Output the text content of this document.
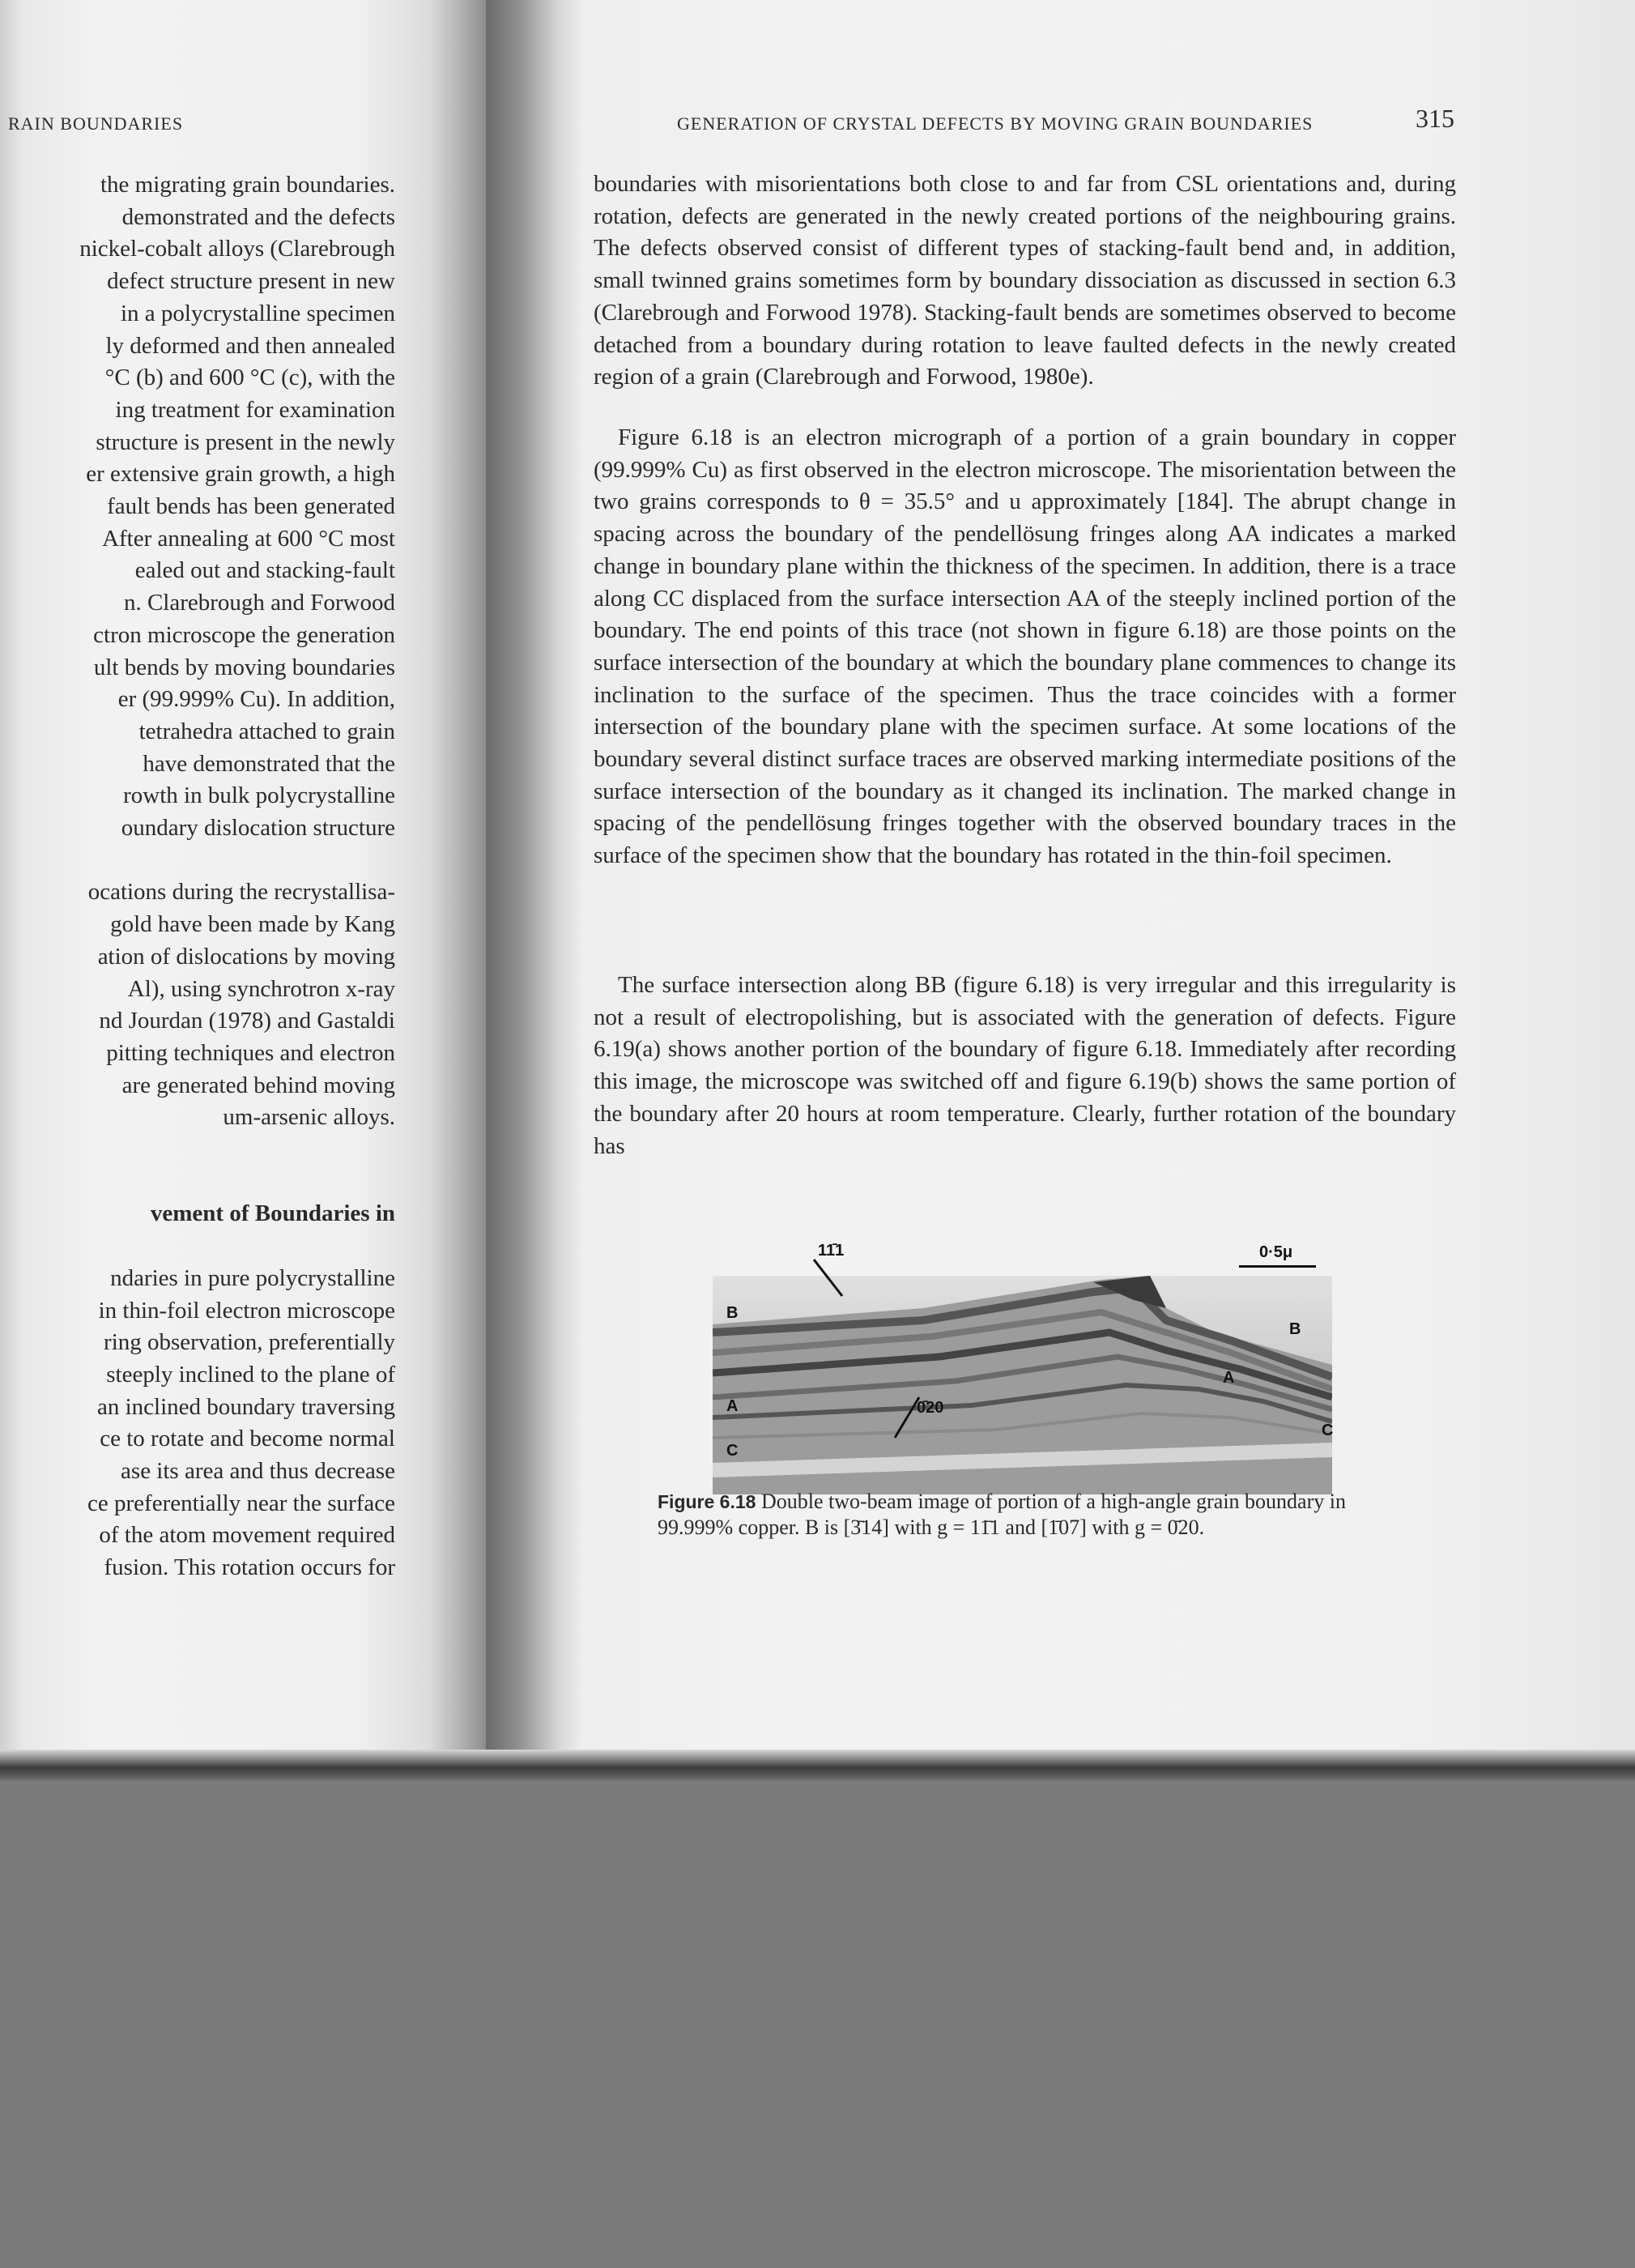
RAIN BOUNDARIES
the migrating grain boundaries.
demonstrated and the defects
nickel-cobalt alloys (Clarebrough
defect structure present in new
in a polycrystalline specimen
ly deformed and then annealed
°C (b) and 600 °C (c), with the
ing treatment for examination
structure is present in the newly
er extensive grain growth, a high
fault bends has been generated
After annealing at 600 °C most
ealed out and stacking-fault
n. Clarebrough and Forwood
ctron microscope the generation
ult bends by moving boundaries
er (99.999% Cu). In addition,
tetrahedra attached to grain
have demonstrated that the
rowth in bulk polycrystalline
oundary dislocation structure
ocations during the recrystallisa-
gold have been made by Kang
ation of dislocations by moving
Al), using synchrotron x-ray
nd Jourdan (1978) and Gastaldi
pitting techniques and electron
are generated behind moving
um-arsenic alloys.
vement of Boundaries in
ndaries in pure polycrystalline
in thin-foil electron microscope
ring observation, preferentially
steeply inclined to the plane of
an inclined boundary traversing
ce to rotate and become normal
ase its area and thus decrease
ce preferentially near the surface
of the atom movement required
fusion. This rotation occurs for
GENERATION OF CRYSTAL DEFECTS BY MOVING GRAIN BOUNDARIES	315
boundaries with misorientations both close to and far from CSL orientations and, during rotation, defects are generated in the newly created portions of the neighbouring grains. The defects observed consist of different types of stacking-fault bend and, in addition, small twinned grains sometimes form by boundary dissociation as discussed in section 6.3 (Clarebrough and Forwood 1978). Stacking-fault bends are sometimes observed to become detached from a boundary during rotation to leave faulted defects in the newly created region of a grain (Clarebrough and Forwood, 1980e).
Figure 6.18 is an electron micrograph of a portion of a grain boundary in copper (99.999% Cu) as first observed in the electron microscope. The misorientation between the two grains corresponds to θ = 35.5° and u approximately [184]. The abrupt change in spacing across the boundary of the pendellösung fringes along AA indicates a marked change in boundary plane within the thickness of the specimen. In addition, there is a trace along CC displaced from the surface intersection AA of the steeply inclined portion of the boundary. The end points of this trace (not shown in figure 6.18) are those points on the surface intersection of the boundary at which the boundary plane commences to change its inclination to the surface of the specimen. Thus the trace coincides with a former intersection of the boundary plane with the specimen surface. At some locations of the boundary several distinct surface traces are observed marking intermediate positions of the surface intersection of the boundary as it changed its inclination. The marked change in spacing of the pendellösung fringes together with the observed boundary traces in the surface of the specimen show that the boundary has rotated in the thin-foil specimen.
The surface intersection along BB (figure 6.18) is very irregular and this irregularity is not a result of electropolishing, but is associated with the generation of defects. Figure 6.19(a) shows another portion of the boundary of figure 6.18. Immediately after recording this image, the microscope was switched off and figure 6.19(b) shows the same portion of the boundary after 20 hours at room temperature. Clearly, further rotation of the boundary has
11̄1	0·5μ
B
B
A
A
C
C
0̄20
Figure 6.18 Double two-beam image of portion of a high-angle grain boundary in 99.999% copper. B is [3̄14] with g = 11̄1 and [1̄07] with g = 0̄20.
